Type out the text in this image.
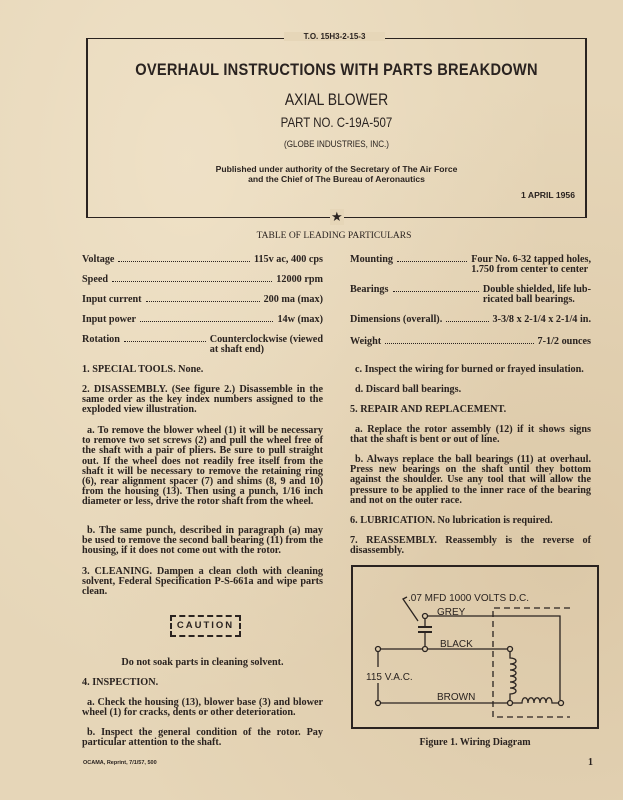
T.O. 15H3-2-15-3
OVERHAUL INSTRUCTIONS WITH PARTS BREAKDOWN
AXIAL BLOWER
PART NO. C-19A-507
(GLOBE INDUSTRIES, INC.)
Published under authority of the Secretary of The Air Force
and the Chief of The Bureau of Aeronautics
1 APRIL 1956
★
TABLE OF LEADING PARTICULARS
Voltage	115v ac, 400 cps
Speed	12000 rpm
Input current	200 ma (max)
Input power	14w (max)
Rotation	Counterclockwise (viewed
at shaft end)
Mounting	Four No. 6-32 tapped holes,
1.750 from center to center
Bearings	Double shielded, life lub-
ricated ball bearings.
Dimensions (overall).	3-3/8 x 2-1/4 x 2-1/4 in.
Weight	7-1/2 ounces
1. SPECIAL TOOLS. None.
2. DISASSEMBLY. (See figure 2.) Disassemble in the same order as the key index numbers assigned to the exploded view illustration.
a. To remove the blower wheel (1) it will be necessary to remove two set screws (2) and pull the wheel free of the shaft with a pair of pliers. Be sure to pull straight out. If the wheel does not readily free itself from the shaft it will be necessary to remove the retaining ring (6), rear alignment spacer (7) and shims (8, 9 and 10) from the housing (13). Then using a punch, 1/16 inch diameter or less, drive the rotor shaft from the wheel.
b. The same punch, described in paragraph (a) may be used to remove the second ball bearing (11) from the housing, if it does not come out with the rotor.
3. CLEANING. Dampen a clean cloth with cleaning solvent, Federal Specification P-S-661a and wipe parts clean.
CAUTION
Do not soak parts in cleaning solvent.
4. INSPECTION.
a. Check the housing (13), blower base (3) and blower wheel (1) for cracks, dents or other deterioration.
b. Inspect the general condition of the rotor. Pay particular attention to the shaft.
c. Inspect the wiring for burned or frayed insulation.
d. Discard ball bearings.
5. REPAIR AND REPLACEMENT.
a. Replace the rotor assembly (12) if it shows signs that the shaft is bent or out of line.
b. Always replace the ball bearings (11) at overhaul. Press new bearings on the shaft until they bottom against the shoulder. Use any tool that will allow the pressure to be applied to the inner race of the bearing and not on the outer race.
6. LUBRICATION. No lubrication is required.
7. REASSEMBLY. Reassembly is the reverse of disassembly.
.07 MFD 1000 VOLTS D.C.
GREY
BLACK
BROWN
115 V.A.C.
Figure 1. Wiring Diagram
OCAMA, Reprint, 7/1/57, 500	1
